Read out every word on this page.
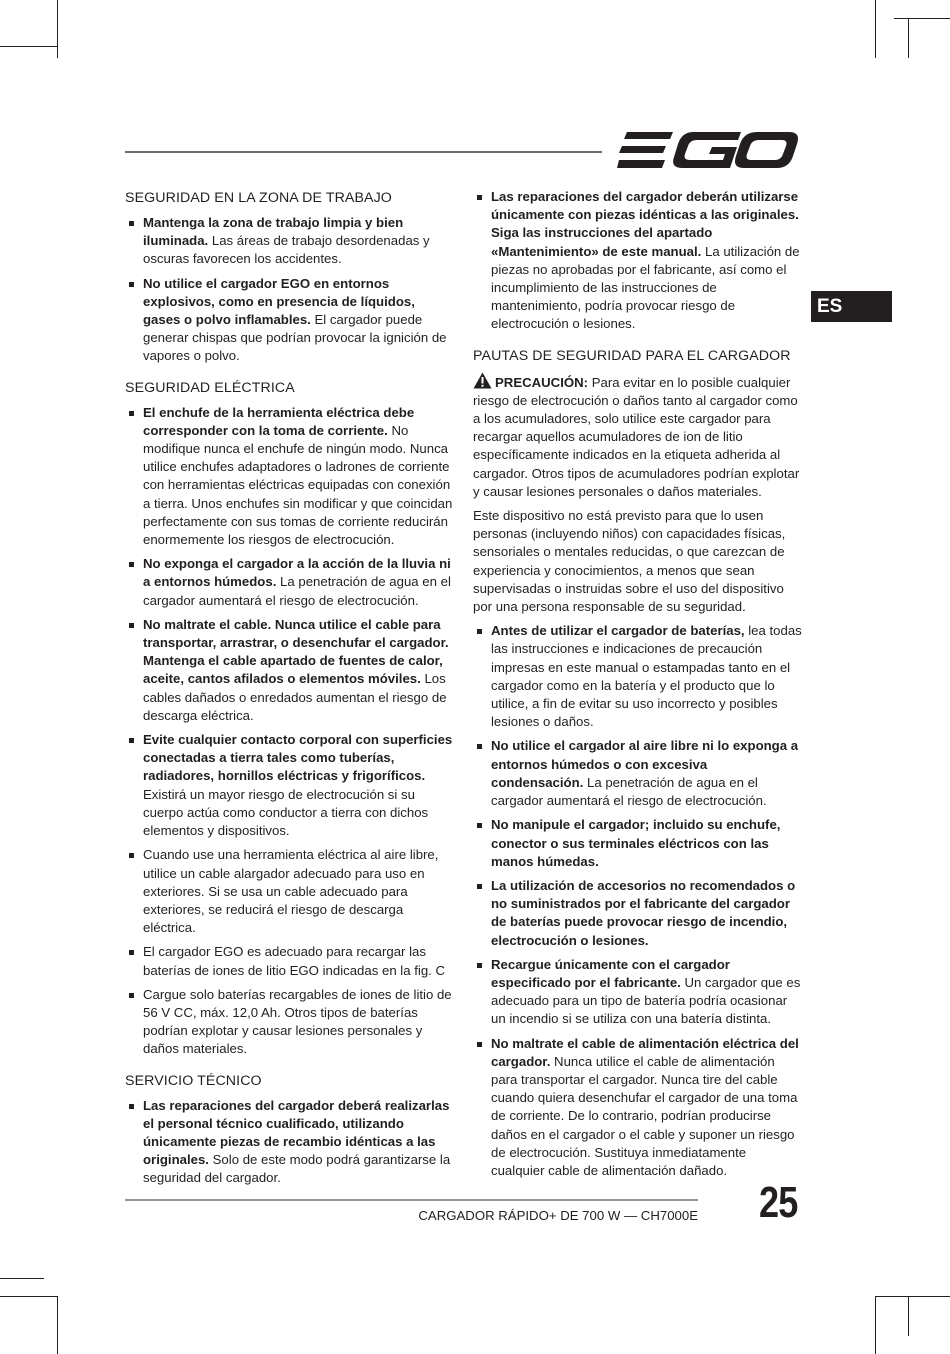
ES
SEGURIDAD EN LA ZONA DE TRABAJO
Mantenga la zona de trabajo limpia y bien iluminada. Las áreas de trabajo desordenadas y oscuras favorecen los accidentes.
No utilice el cargador EGO en entornos explosivos, como en presencia de líquidos, gases o polvo inflamables. El cargador puede generar chispas que podrían provocar la ignición de vapores o polvo.
SEGURIDAD ELÉCTRICA
El enchufe de la herramienta eléctrica debe corresponder con la toma de corriente. No modifique nunca el enchufe de ningún modo. Nunca utilice enchufes adaptadores o ladrones de corriente con herramientas eléctricas equipadas con conexión a tierra. Unos enchufes sin modificar y que coincidan perfectamente con sus tomas de corriente reducirán enormemente los riesgos de electrocución.
No exponga el cargador a la acción de la lluvia ni a entornos húmedos. La penetración de agua en el cargador aumentará el riesgo de electrocución.
No maltrate el cable. Nunca utilice el cable para transportar, arrastrar, o desenchufar el cargador. Mantenga el cable apartado de fuentes de calor, aceite, cantos afilados o elementos móviles. Los cables dañados o enredados aumentan el riesgo de descarga eléctrica.
Evite cualquier contacto corporal con superficies conectadas a tierra tales como tuberías, radiadores, hornillos eléctricas y frigoríficos. Existirá un mayor riesgo de electrocución si su cuerpo actúa como conductor a tierra con dichos elementos y dispositivos.
Cuando use una herramienta eléctrica al aire libre, utilice un cable alargador adecuado para uso en exteriores. Si se usa un cable adecuado para exteriores, se reducirá el riesgo de descarga eléctrica.
El cargador EGO es adecuado para recargar las baterías de iones de litio EGO indicadas en la fig. C
Cargue solo baterías recargables de iones de litio de 56 V CC, máx. 12,0 Ah. Otros tipos de baterías podrían explotar y causar lesiones personales y daños materiales.
SERVICIO TÉCNICO
Las reparaciones del cargador deberá realizarlas el personal técnico cualificado, utilizando únicamente piezas de recambio idénticas a las originales. Solo de este modo podrá garantizarse la seguridad del cargador.
Las reparaciones del cargador deberán utilizarse únicamente con piezas idénticas a las originales. Siga las instrucciones del apartado «Mantenimiento» de este manual. La utilización de piezas no aprobadas por el fabricante, así como el incumplimiento de las instrucciones de mantenimiento, podría provocar riesgo de electrocución o lesiones.
PAUTAS DE SEGURIDAD PARA EL CARGADOR

PRECAUCIÓN: Para evitar en lo posible cualquier riesgo de electrocución o daños tanto al cargador como a los acumuladores, solo utilice este cargador para recargar aquellos acumuladores de ion de litio específicamente indicados en la etiqueta adherida al cargador. Otros tipos de acumuladores podrían explotar y causar lesiones personales o daños materiales.

Este dispositivo no está previsto para que lo usen personas (incluyendo niños) con capacidades físicas, sensoriales o mentales reducidas, o que carezcan de experiencia y conocimientos, a menos que sean supervisadas o instruidas sobre el uso del dispositivo por una persona responsable de su seguridad.

Antes de utilizar el cargador de baterías, lea todas las instrucciones e indicaciones de precaución impresas en este manual o estampadas tanto en el cargador como en la batería y el producto que lo utilice, a fin de evitar su uso incorrecto y posibles lesiones o daños.
No utilice el cargador al aire libre ni lo exponga a entornos húmedos o con excesiva condensación. La penetración de agua en el cargador aumentará el riesgo de electrocución.
No manipule el cargador; incluido su enchufe, conector o sus terminales eléctricos con las manos húmedas.
La utilización de accesorios no recomendados o no suministrados por el fabricante del cargador de baterías puede provocar riesgo de incendio, electrocución o lesiones.
Recargue únicamente con el cargador especificado por el fabricante. Un cargador que es adecuado para un tipo de batería podría ocasionar un incendio si se utiliza con una batería distinta.
No maltrate el cable de alimentación eléctrica del cargador. Nunca utilice el cable de alimentación para transportar el cargador. Nunca tire del cable cuando quiera desenchufar el cargador de una toma de corriente. De lo contrario, podrían producirse daños en el cargador o el cable y suponer un riesgo de electrocución. Sustituya inmediatamente cualquier cable de alimentación dañado.
CARGADOR RÁPIDO+ DE 700 W — CH7000E 25
